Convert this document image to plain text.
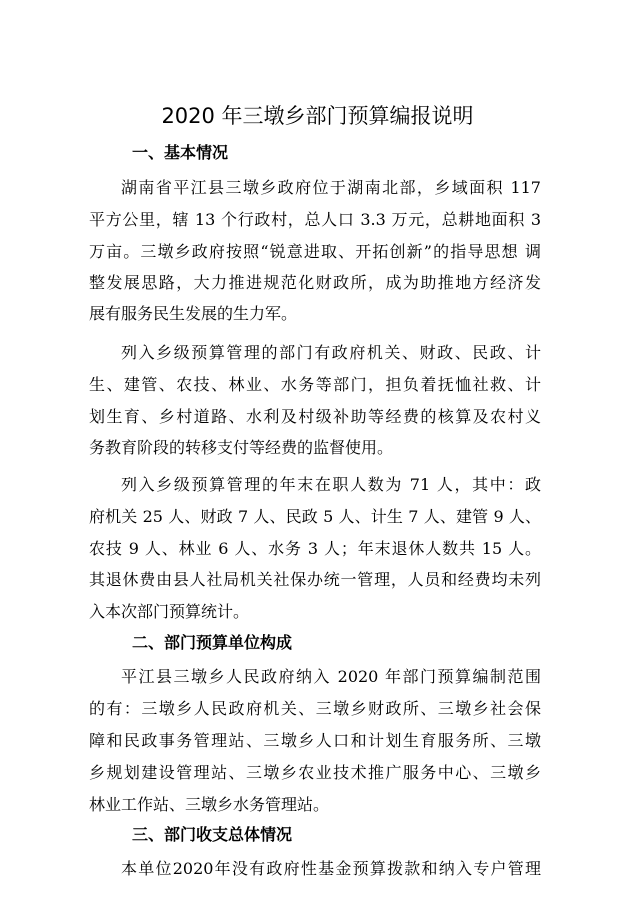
2020 年三墩乡部门预算编报说明
一、基本情况
湖南省平江县三墩乡政府位于湖南北部，乡域面积 117
平方公里，辖 13 个行政村，总人口 3.3 万元，总耕地面积 3
万亩。三墩乡政府按照“锐意进取、开拓创新”的指导思想 调
整发展思路，大力推进规范化财政所，成为助推地方经济发
展有服务民生发展的生力军。
列入乡级预算管理的部门有政府机关、财政、民政、计
生、建管、农技、林业、水务等部门，担负着抚恤社救、计
划生育、乡村道路、水利及村级补助等经费的核算及农村义
务教育阶段的转移支付等经费的监督使用。
列入乡级预算管理的年末在职人数为 71 人，其中：政
府机关 25 人、财政 7 人、民政 5 人、计生 7 人、建管 9 人、
农技 9 人、林业 6 人、水务 3 人；年末退休人数共 15 人。
其退休费由县人社局机关社保办统一管理，人员和经费均未列
入本次部门预算统计。
二、部门预算单位构成
平江县三墩乡人民政府纳入 2020 年部门预算编制范围
的有：三墩乡人民政府机关、三墩乡财政所、三墩乡社会保
障和民政事务管理站、三墩乡人口和计划生育服务所、三墩
乡规划建设管理站、三墩乡农业技术推广服务中心、三墩乡
林业工作站、三墩乡水务管理站。
三、部门收支总体情况
本单位2020年没有政府性基金预算拨款和纳入专户管理
